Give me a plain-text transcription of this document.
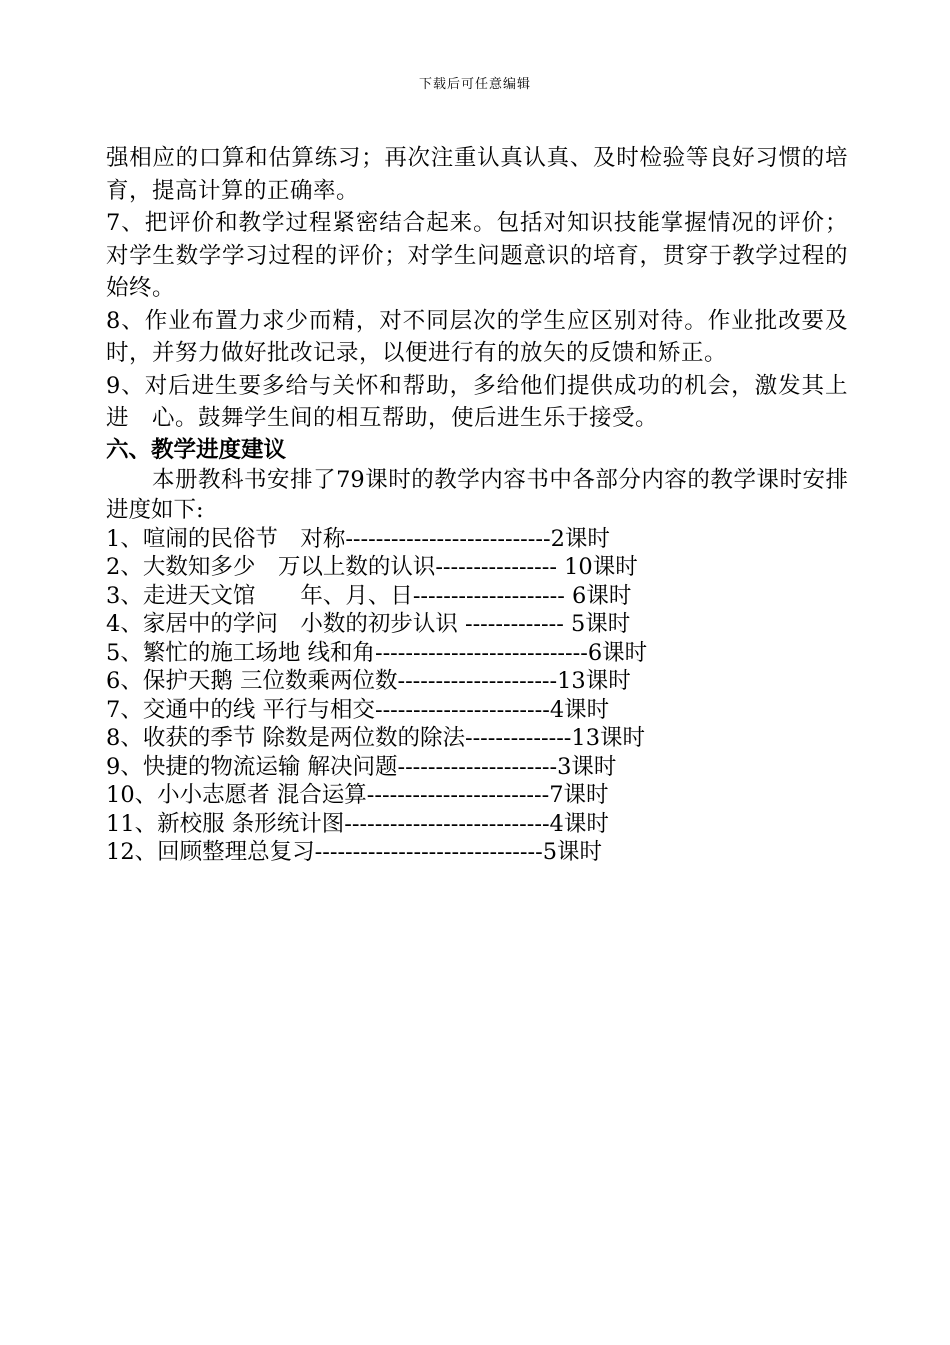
下载后可任意编辑

强相应的口算和估算练习；再次注重认真认真、及时检验等良好习惯的培育，提高计算的正确率。

7、把评价和教学过程紧密结合起来。包括对知识技能掌握情况的评价；对学生数学学习过程的评价；对学生问题意识的培育，贯穿于教学过程的始终。

8、作业布置力求少而精，对不同层次的学生应区别对待。作业批改要及时，并努力做好批改记录，以便进行有的放矢的反馈和矫正。

9、对后进生要多给与关怀和帮助，多给他们提供成功的机会，激发其上进　心。鼓舞学生间的相互帮助，使后进生乐于接受。

六、教学进度建议

本册教科书安排了79课时的教学内容书中各部分内容的教学课时安排进度如下:

1、喧闹的民俗节　对称---------------------------2课时
2、大数知多少　万以上数的认识---------------- 10课时
3、走进天文馆　　年、月、日-------------------- 6课时
4、家居中的学问　小数的初步认识 ------------- 5课时
5、繁忙的施工场地 线和角----------------------------6课时
6、保护天鹅 三位数乘两位数---------------------13课时
7、交通中的线 平行与相交-----------------------4课时
8、收获的季节 除数是两位数的除法--------------13课时
9、快捷的物流运输 解决问题---------------------3课时
10、小小志愿者 混合运算------------------------7课时
11、新校服 条形统计图---------------------------4课时
12、回顾整理总复习------------------------------5课时
